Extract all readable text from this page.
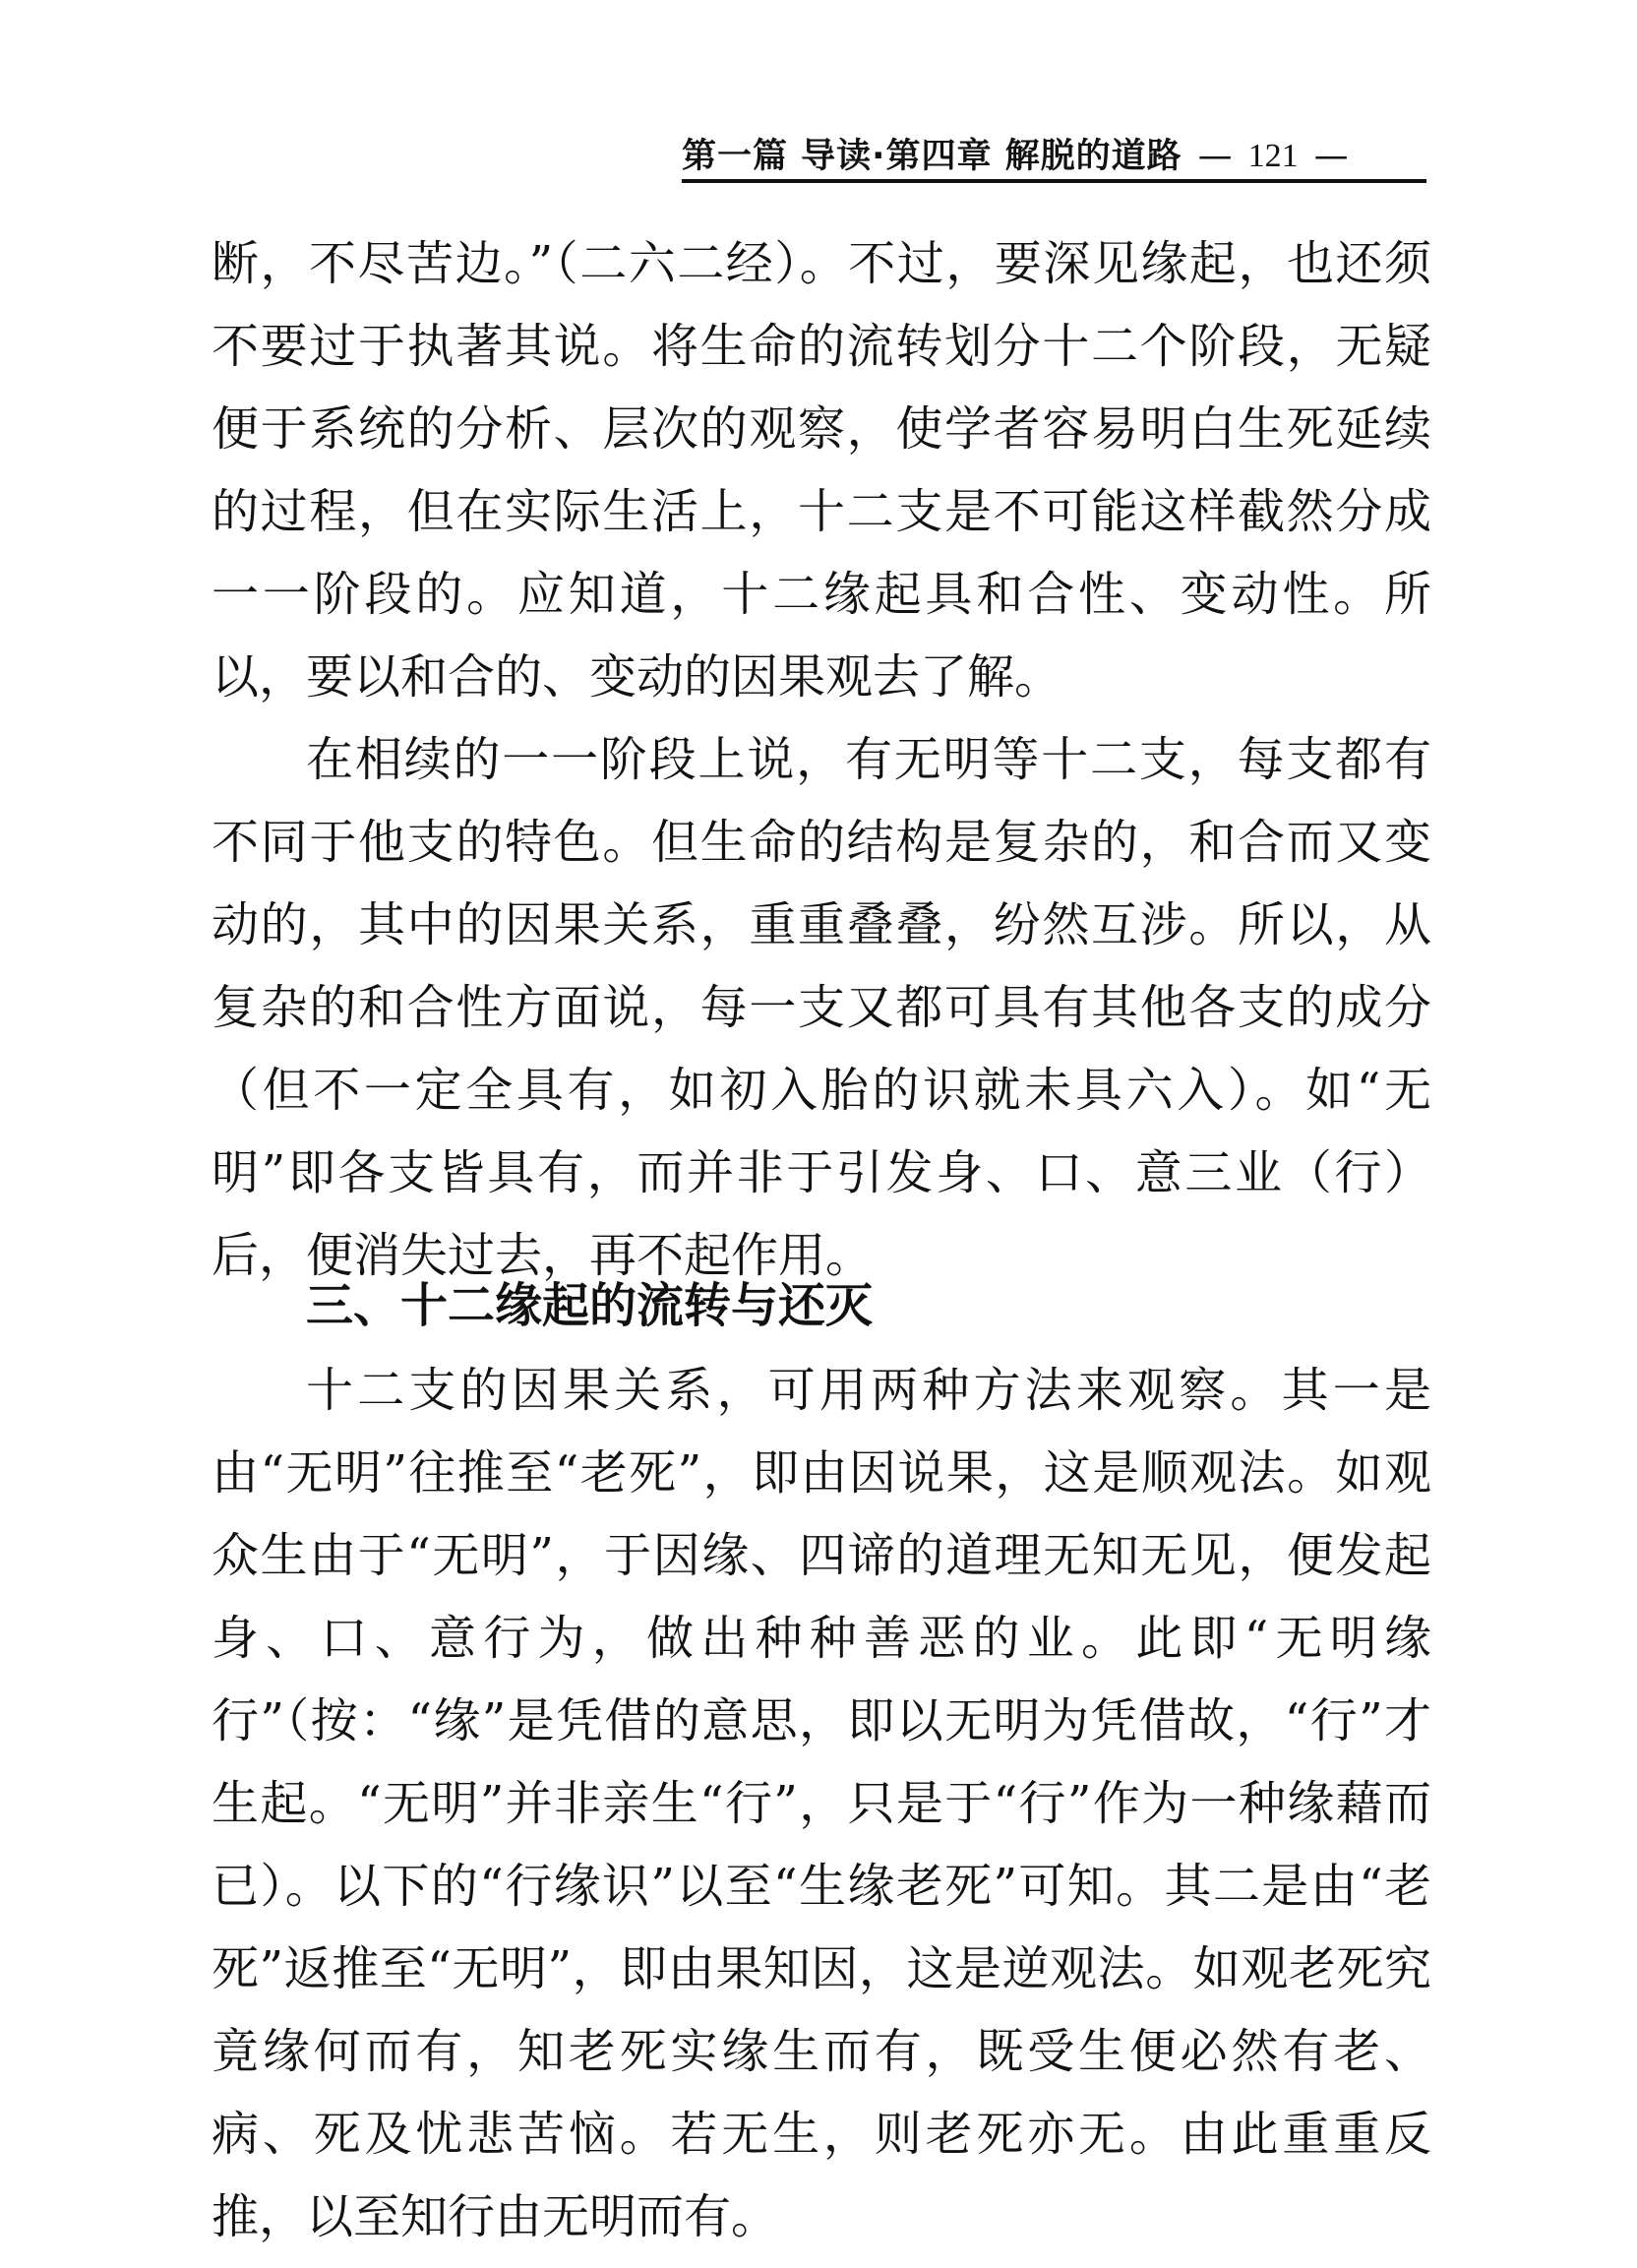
第一篇 导读·第四章 解脱的道路 — 121 —

断，不尽苦边。”（二六二经）。不过，要深见缘起，也还须不要过于执著其说。将生命的流转划分十二个阶段，无疑便于系统的分析、层次的观察，使学者容易明白生死延续的过程，但在实际生活上，十二支是不可能这样截然分成一一阶段的。应知道，十二缘起具和合性、变动性。所以，要以和合的、变动的因果观去了解。

在相续的一一阶段上说，有无明等十二支，每支都有不同于他支的特色。但生命的结构是复杂的，和合而又变动的，其中的因果关系，重重叠叠，纷然互涉。所以，从复杂的和合性方面说，每一支又都可具有其他各支的成分（但不一定全具有，如初入胎的识就未具六入）。如“无明”即各支皆具有，而并非于引发身、口、意三业（行）后，便消失过去，再不起作用。

三、十二缘起的流转与还灭

十二支的因果关系，可用两种方法来观察。其一是由“无明”往推至“老死”，即由因说果，这是顺观法。如观众生由于“无明”，于因缘、四谛的道理无知无见，便发起身、口、意行为，做出种种善恶的业。此即“无明缘行”（按：“缘”是凭借的意思，即以无明为凭借故，“行”才生起。“无明”并非亲生“行”，只是于“行”作为一种缘藉而已）。以下的“行缘识”以至“生缘老死”可知。其二是由“老死”返推至“无明”，即由果知因，这是逆观法。如观老死究竟缘何而有，知老死实缘生而有，既受生便必然有老、病、死及忧悲苦恼。若无生，则老死亦无。由此重重反推，以至知行由无明而有。
